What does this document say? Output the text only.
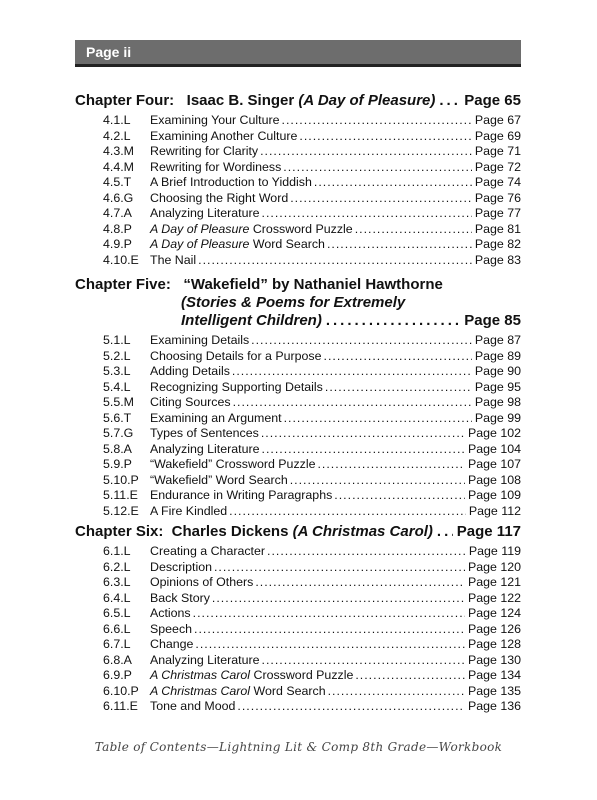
Page ii
Chapter Four:   Isaac B. Singer (A Day of Pleasure) ..... Page 65
4.1.L	Examining Your Culture .....	Page 67
4.2.L	Examining Another Culture .....	Page 69
4.3.M	Rewriting for Clarity .....	Page 71
4.4.M	Rewriting for Wordiness .....	Page 72
4.5.T	A Brief Introduction to Yiddish .....	Page 74
4.6.G	Choosing the Right Word .....	Page 76
4.7.A	Analyzing Literature .....	Page 77
4.8.P	A Day of Pleasure Crossword Puzzle .....	Page 81
4.9.P	A Day of Pleasure Word Search .....	Page 82
4.10.E The Nail .....	Page 83
Chapter Five:   “Wakefield” by Nathaniel Hawthorne
(Stories & Poems for Extremely
Intelligent Children) .....	Page 85
5.1.L	Examining Details .....	Page 87
5.2.L	Choosing Details for a Purpose .....	Page 89
5.3.L	Adding Details .....	Page 90
5.4.L	Recognizing Supporting Details .....	Page 95
5.5.M	Citing Sources .....	Page 98
5.6.T	Examining an Argument .....	Page 99
5.7.G	Types of Sentences .....	Page 102
5.8.A	Analyzing Literature .....	Page 104
5.9.P	“Wakefield” Crossword Puzzle .....	Page 107
5.10.P “Wakefield” Word Search .....	Page 108
5.11.E Endurance in Writing Paragraphs .....	Page 109
5.12.E A Fire Kindled .....	Page 112
Chapter Six:  Charles Dickens (A Christmas Carol) ..... Page 117
6.1.L	Creating a Character .....	Page 119
6.2.L	Description .....	Page 120
6.3.L	Opinions of Others .....	Page 121
6.4.L	Back Story .....	Page 122
6.5.L	Actions .....	Page 124
6.6.L	Speech .....	Page 126
6.7.L	Change .....	Page 128
6.8.A	Analyzing Literature .....	Page 130
6.9.P	A Christmas Carol Crossword Puzzle .....	Page 134
6.10.P A Christmas Carol Word Search .....	Page 135
6.11.E Tone and Mood .....	Page 136
Table of Contents—Lightning Lit & Comp 8th Grade—Workbook
